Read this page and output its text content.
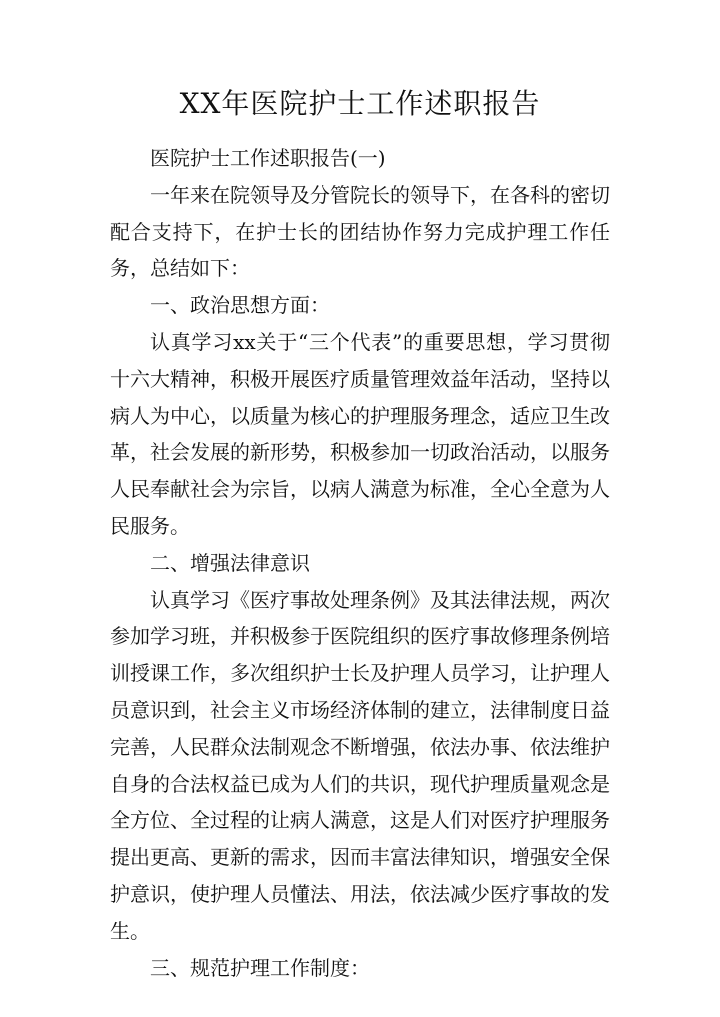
XX年医院护士工作述职报告

医院护士工作述职报告(一)

一年来在院领导及分管院长的领导下，在各科的密切配合支持下，在护士长的团结协作努力完成护理工作任务，总结如下：

一、政治思想方面：

认真学习xx关于“三个代表”的重要思想，学习贯彻十六大精神，积极开展医疗质量管理效益年活动，坚持以病人为中心，以质量为核心的护理服务理念，适应卫生改革，社会发展的新形势，积极参加一切政治活动，以服务人民奉献社会为宗旨，以病人满意为标准，全心全意为人民服务。

二、增强法律意识

认真学习《医疗事故处理条例》及其法律法规，两次参加学习班，并积极参于医院组织的医疗事故修理条例培训授课工作，多次组织护士长及护理人员学习，让护理人员意识到，社会主义市场经济体制的建立，法律制度日益完善，人民群众法制观念不断增强，依法办事、依法维护自身的合法权益已成为人们的共识，现代护理质量观念是全方位、全过程的让病人满意，这是人们对医疗护理服务提出更高、更新的需求，因而丰富法律知识，增强安全保护意识，使护理人员懂法、用法，依法减少医疗事故的发生。

三、规范护理工作制度：
